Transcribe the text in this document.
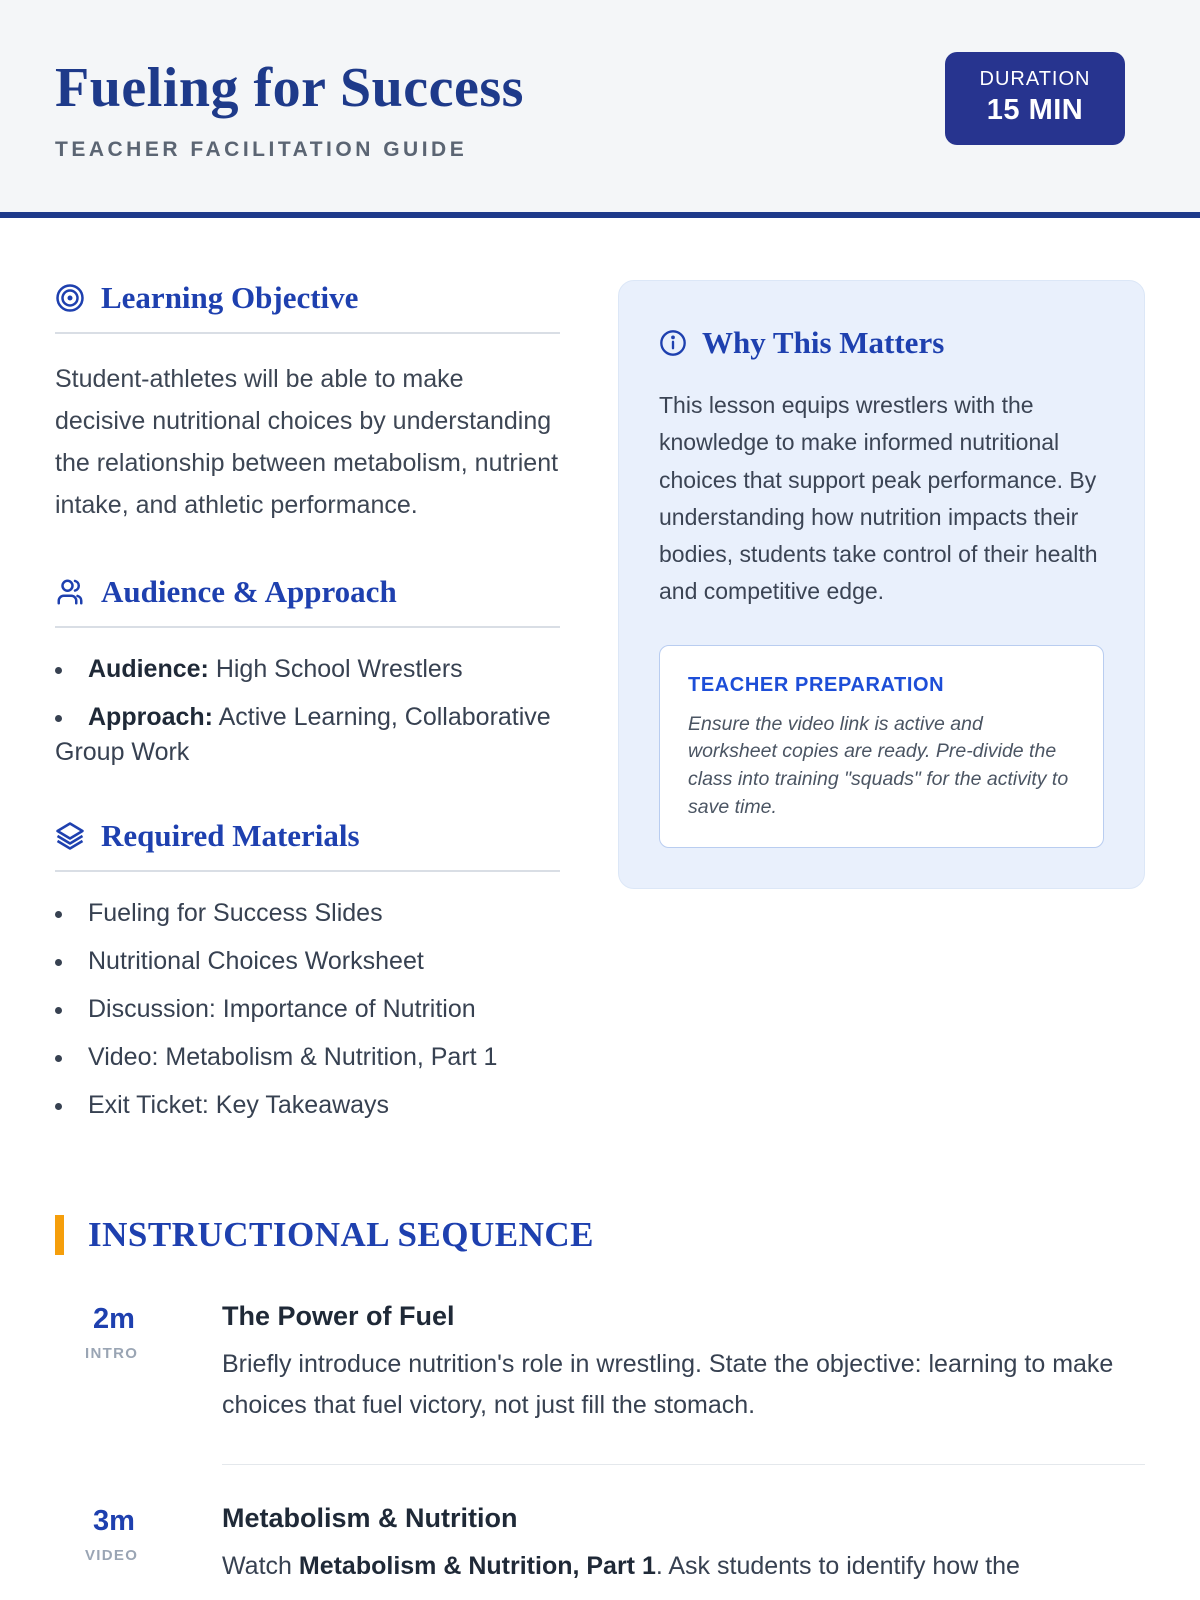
Fueling for Success
TEACHER FACILITATION GUIDE
DURATION
15 MIN
Learning Objective
Student-athletes will be able to make decisive nutritional choices by understanding the relationship between metabolism, nutrient intake, and athletic performance.
Audience & Approach
• Audience: High School Wrestlers
• Approach: Active Learning, Collaborative Group Work
Required Materials
• Fueling for Success Slides
• Nutritional Choices Worksheet
• Discussion: Importance of Nutrition
• Video: Metabolism & Nutrition, Part 1
• Exit Ticket: Key Takeaways
Why This Matters
This lesson equips wrestlers with the knowledge to make informed nutritional choices that support peak performance. By understanding how nutrition impacts their bodies, students take control of their health and competitive edge.
TEACHER PREPARATION
Ensure the video link is active and worksheet copies are ready. Pre-divide the class into training "squads" for the activity to save time.
INSTRUCTIONAL SEQUENCE
2m
INTRO
The Power of Fuel
Briefly introduce nutrition's role in wrestling. State the objective: learning to make choices that fuel victory, not just fill the stomach.
3m
VIDEO
Metabolism & Nutrition
Watch Metabolism & Nutrition, Part 1. Ask students to identify how the
